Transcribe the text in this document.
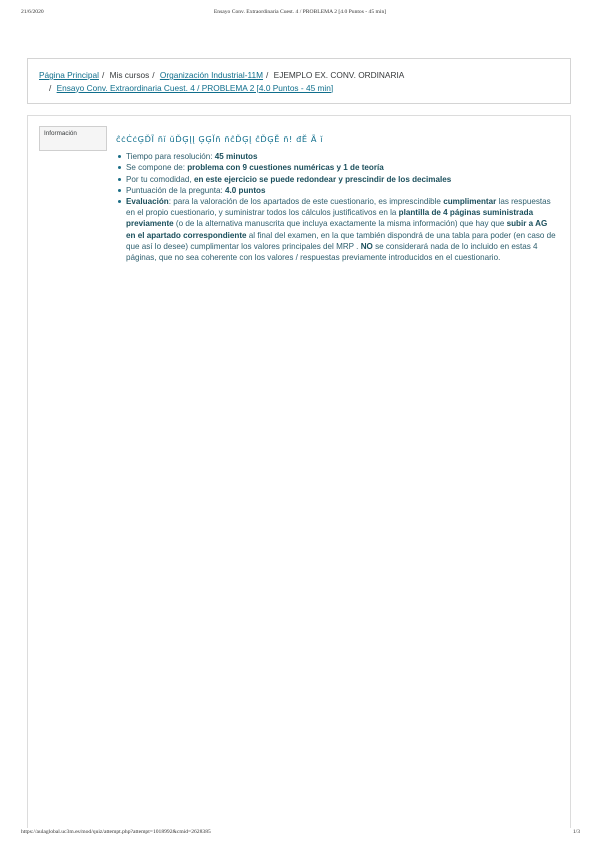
21/6/2020	Ensayo Conv. Extraordinaria Cuest. 4 / PROBLEMA 2 [4.0 Puntos - 45 min]
Página Principal / Mis cursos / Organización Industrial-11M / EJEMPLO EX. CONV. ORDINARIA
/ Ensayo Conv. Extraordinaria Cuest. 4 / PROBLEMA 2 [4.0 Puntos - 45 min]
Información
ĉċĊċĢĎĨ ñĭ ŭĎĢĮĮ ĢĢĬñ ñĉĎĢĮ ĉĎĢĔ ñ! đĔ Ã ĭ
Tiempo para resolución: 45 minutos
Se compone de: problema con 9 cuestiones numéricas y 1 de teoría
Por tu comodidad, en este ejercicio se puede redondear y prescindir de los decimales
Puntuación de la pregunta: 4.0 puntos
Evaluación: para la valoración de los apartados de este cuestionario, es imprescindible cumplimentar las respuestas en el propio cuestionario, y suministrar todos los cálculos justificativos en la plantilla de 4 páginas suministrada previamente (o de la alternativa manuscrita que incluya exactamente la misma información) que hay que subir a AG en el apartado correspondiente al final del examen, en la que también dispondrá de una tabla para poder (en caso de que así lo desee) cumplimentar los valores principales del MRP . NO se considerará nada de lo incluido en estas 4 páginas, que no sea coherente con los valores / respuestas previamente introducidos en el cuestionario.
https://aulaglobal.uc3m.es/mod/quiz/attempt.php?attempt=1018992&cmid=2628385	1/3
